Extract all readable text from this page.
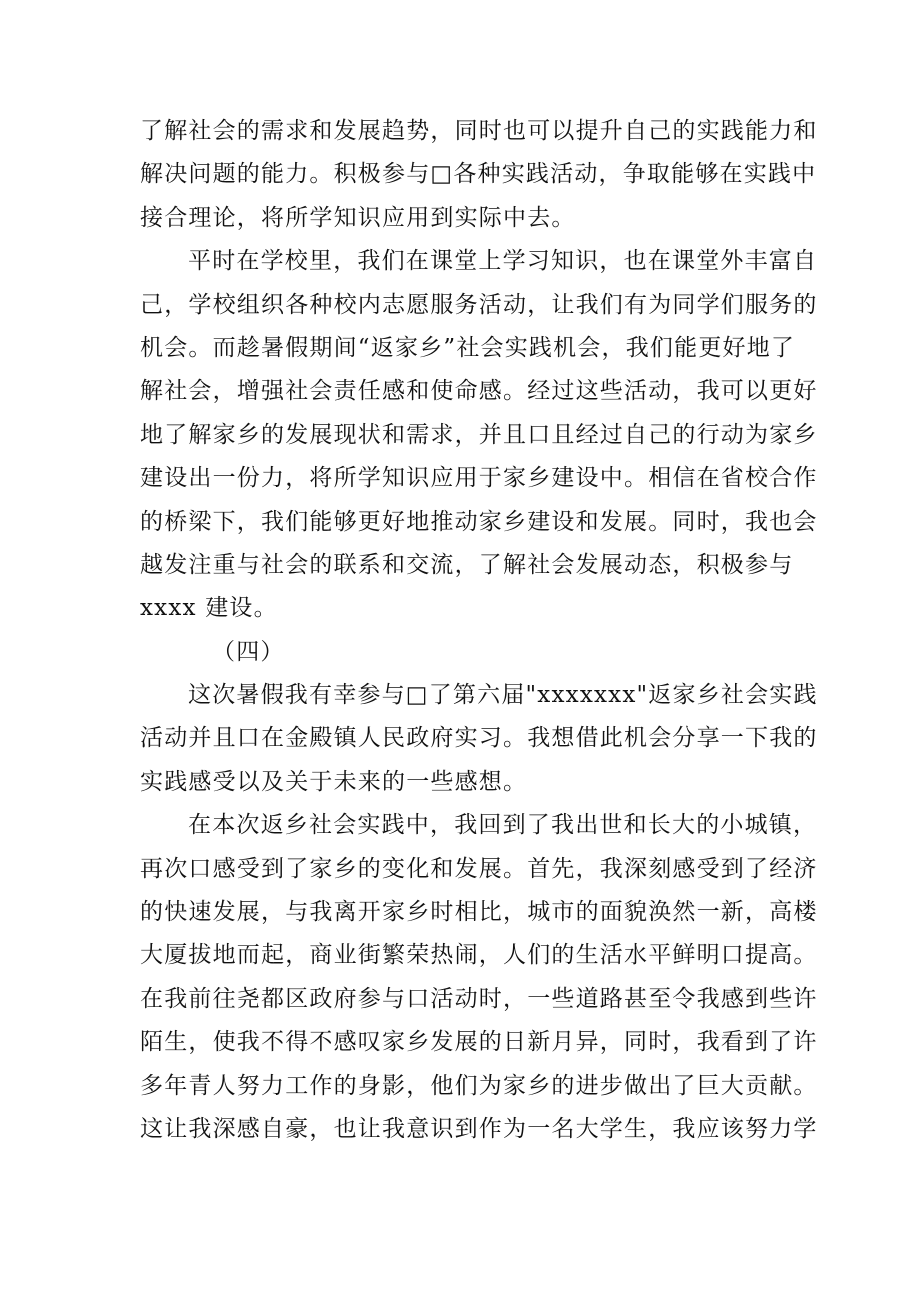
了解社会的需求和发展趋势，同时也可以提升自己的实践能力和
解决问题的能力。积极参与□各种实践活动，争取能够在实践中
接合理论，将所学知识应用到实际中去。
平时在学校里，我们在课堂上学习知识，也在课堂外丰富自
己，学校组织各种校内志愿服务活动，让我们有为同学们服务的
机会。而趁暑假期间“返家乡”社会实践机会，我们能更好地了
解社会，增强社会责任感和使命感。经过这些活动，我可以更好
地了解家乡的发展现状和需求，并且口且经过自己的行动为家乡
建设出一份力，将所学知识应用于家乡建设中。相信在省校合作
的桥梁下，我们能够更好地推动家乡建设和发展。同时，我也会
越发注重与社会的联系和交流，了解社会发展动态，积极参与
xxxx 建设。
（四）
这次暑假我有幸参与□了第六届"xxxxxxx"返家乡社会实践
活动并且口在金殿镇人民政府实习。我想借此机会分享一下我的
实践感受以及关于未来的一些感想。
在本次返乡社会实践中，我回到了我出世和长大的小城镇，
再次口感受到了家乡的变化和发展。首先，我深刻感受到了经济
的快速发展，与我离开家乡时相比，城市的面貌涣然一新，高楼
大厦拔地而起，商业街繁荣热闹，人们的生活水平鲜明口提高。
在我前往尧都区政府参与口活动时，一些道路甚至令我感到些许
陌生，使我不得不感叹家乡发展的日新月异，同时，我看到了许
多年青人努力工作的身影，他们为家乡的进步做出了巨大贡献。
这让我深感自豪，也让我意识到作为一名大学生，我应该努力学
